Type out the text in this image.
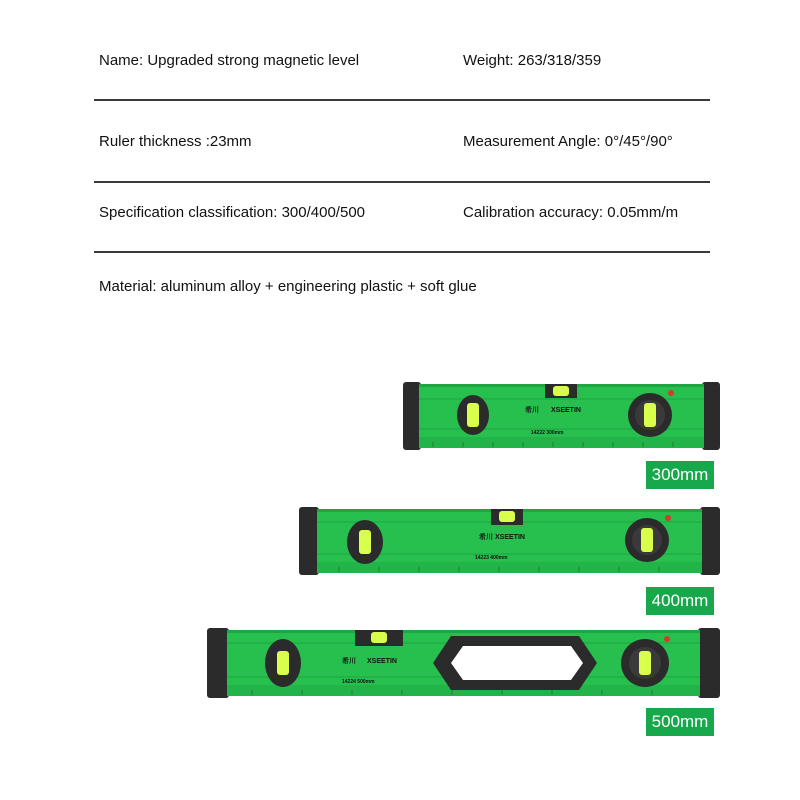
Name: Upgraded strong magnetic level	Weight: 263/318/359
Ruler thickness :23mm	Measurement Angle: 0°/45°/90°
Specification classification: 300/400/500	Calibration accuracy: 0.05mm/m
Material: aluminum alloy + engineering plastic + soft glue
XSEETIN
希川
14222 300mm
300mm
XSEETIN
希川
14223 400mm
400mm
XSEETIN
希川
14224 500mm
500mm
